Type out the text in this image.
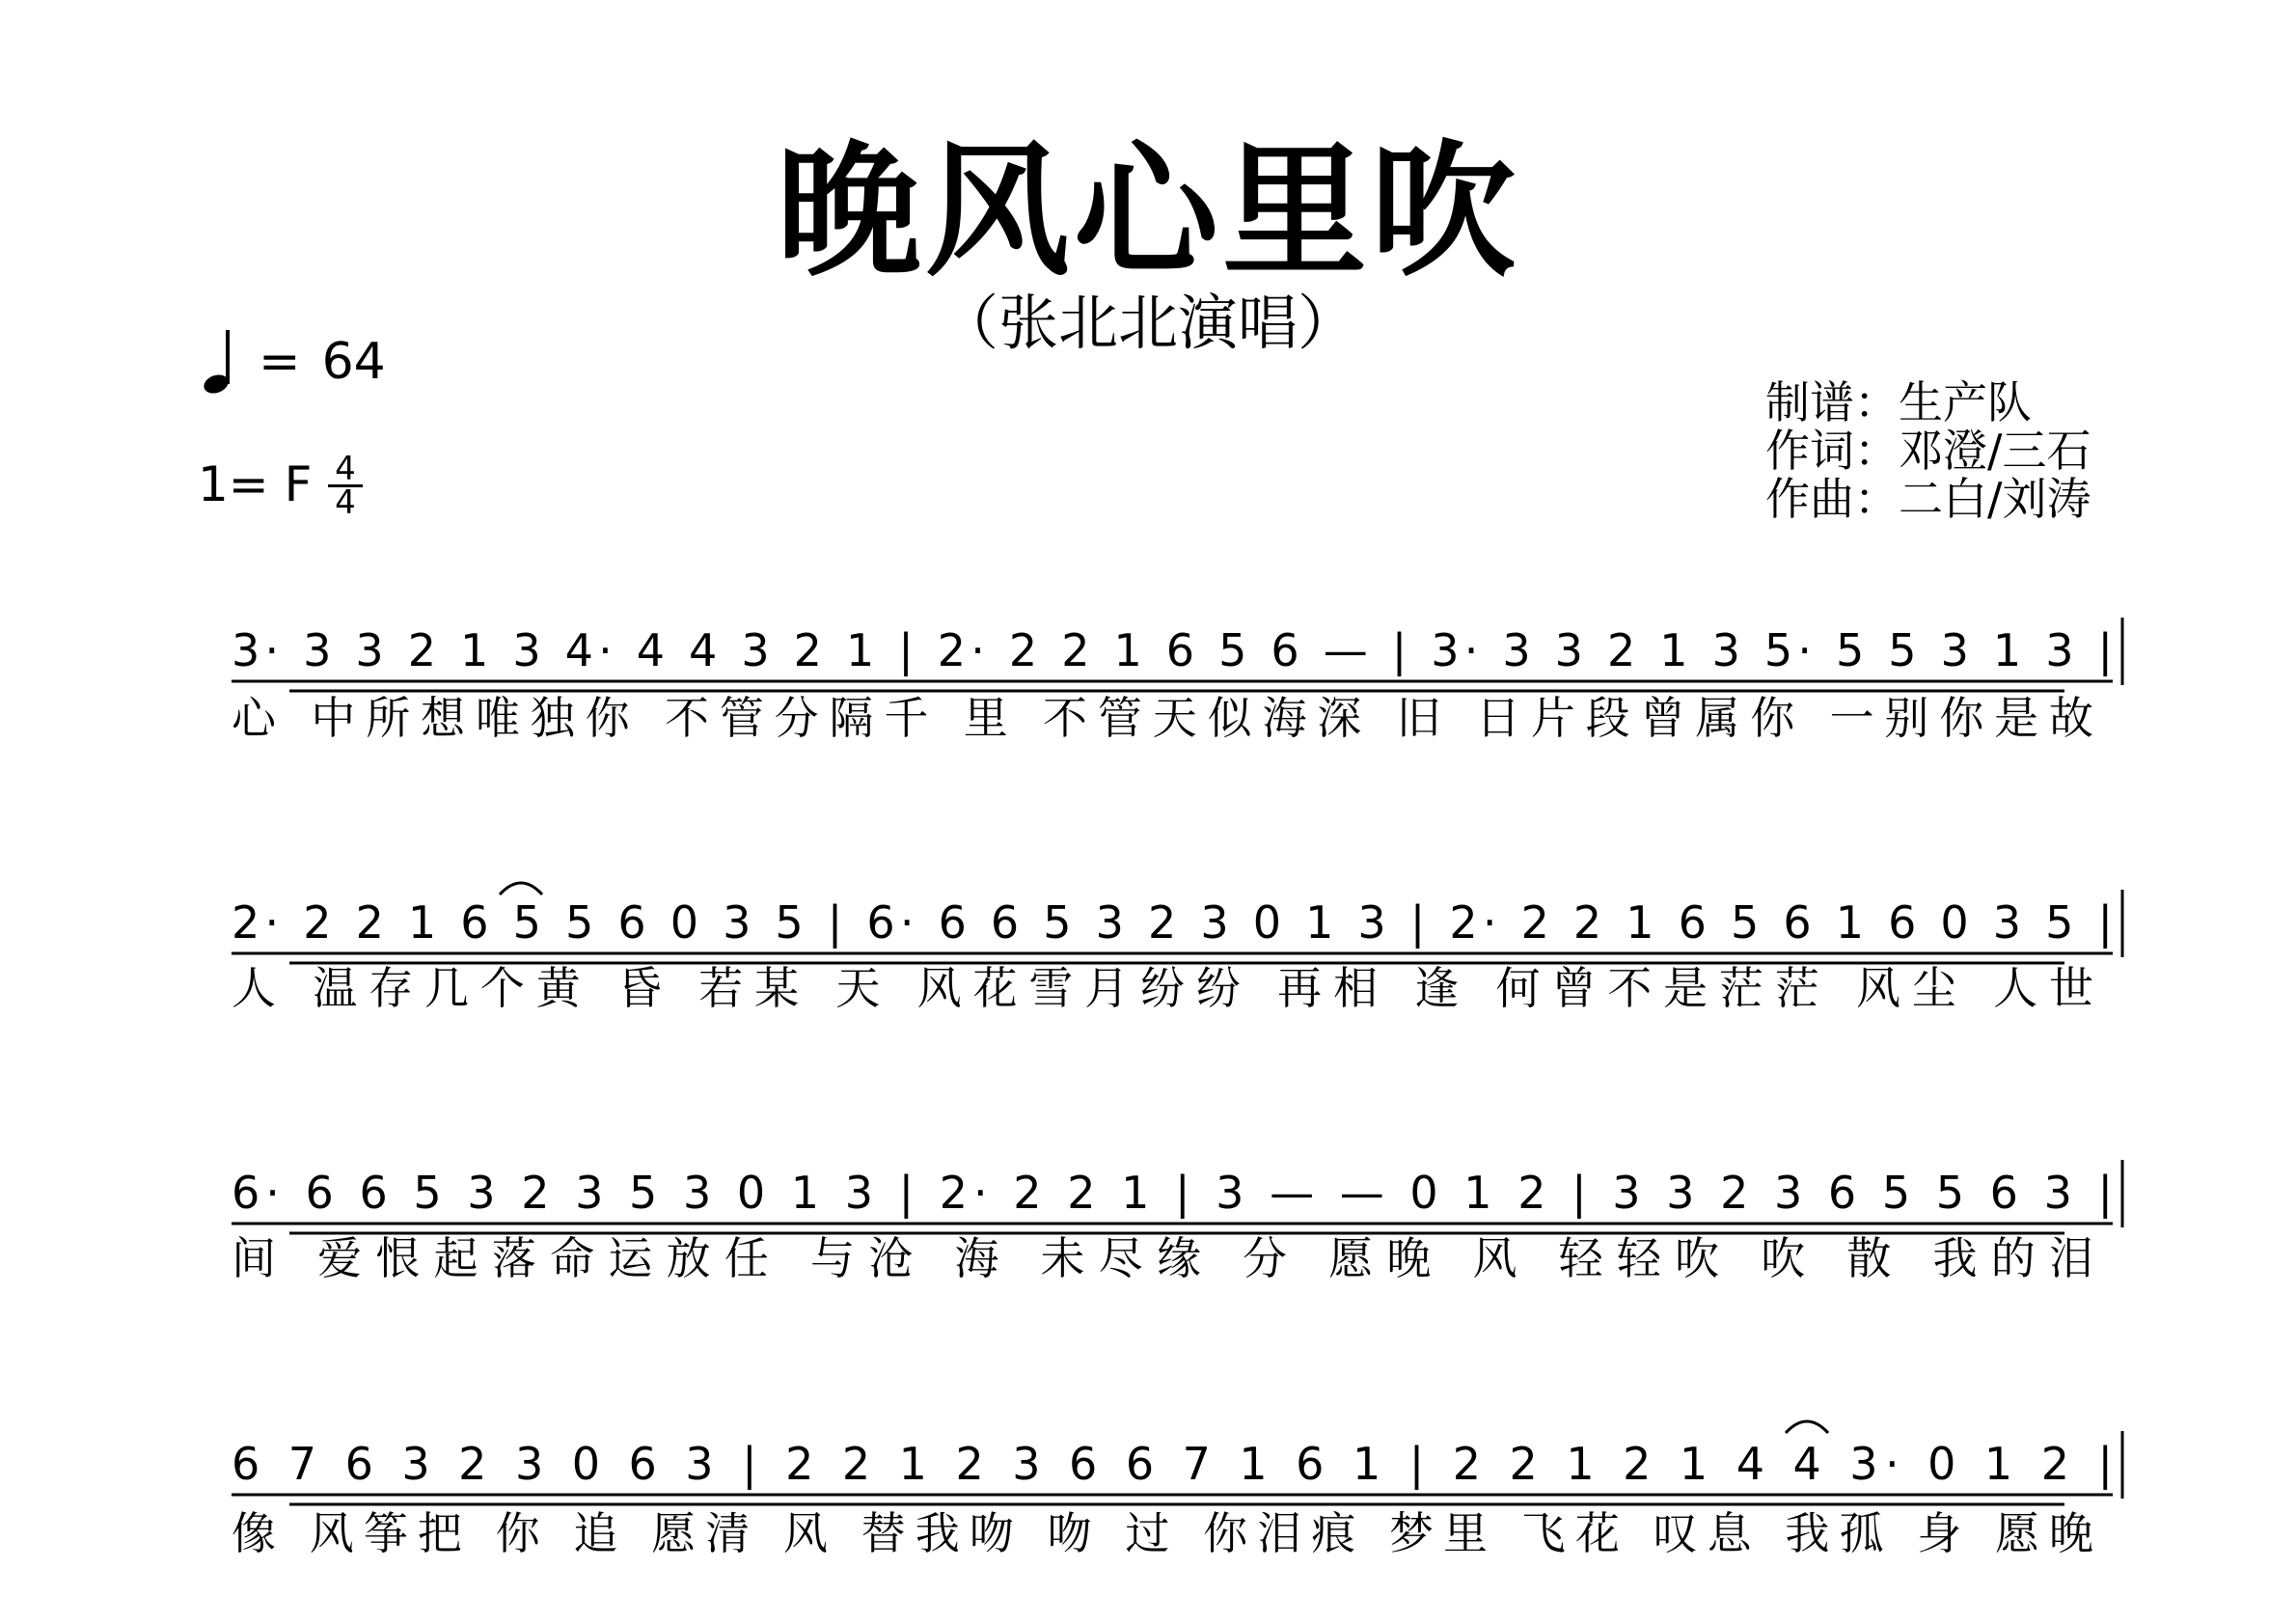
晚风心里吹
（张北北演唱）
= 64
1= F 4
4
制谱：生产队
作词：邓澄/三石
作曲：二白/刘涛
3· 3 3 2 1 3 4· 4 4 3 2 1 | 2· 2 2 1 6 5 6 — | 3· 3 3 2 1 3 5· 5 5 3 1 3 |
心 中所想唯独你 不管分隔千 里 不管天似海深 旧 日片段曾属你 一别你是故
2· 2 2 1 6 5 5 6 0 3 5 | 6· 6 6 5 3 2 3 0 1 3 | 2· 2 2 1 6 5 6 1 6 0 3 5 |
人 温存几个黄 昏 若某 天 风花雪月纷纷 再相 逢 何曾不是茫茫 风尘 人世
6· 6 6 5 3 2 3 5 3 0 1 3 | 2· 2 2 1 | 3 — — 0 1 2 | 3 3 2 3 6 5 5 6 3 |
间 爱恨起落命运放任 与沧 海 未尽缘 分 愿晚 风 轻轻吹 吹 散 我的泪
6 7 6 3 2 3 0 6 3 | 2 2 1 2 3 6 6 7 1 6 1 | 2 2 1 2 1 4 4 3· 0 1 2 |
像 风筝把 你 追 愿清 风 替我吻 吻 过 你泪痕 梦里 飞花 叹息 我孤 身 愿晚
